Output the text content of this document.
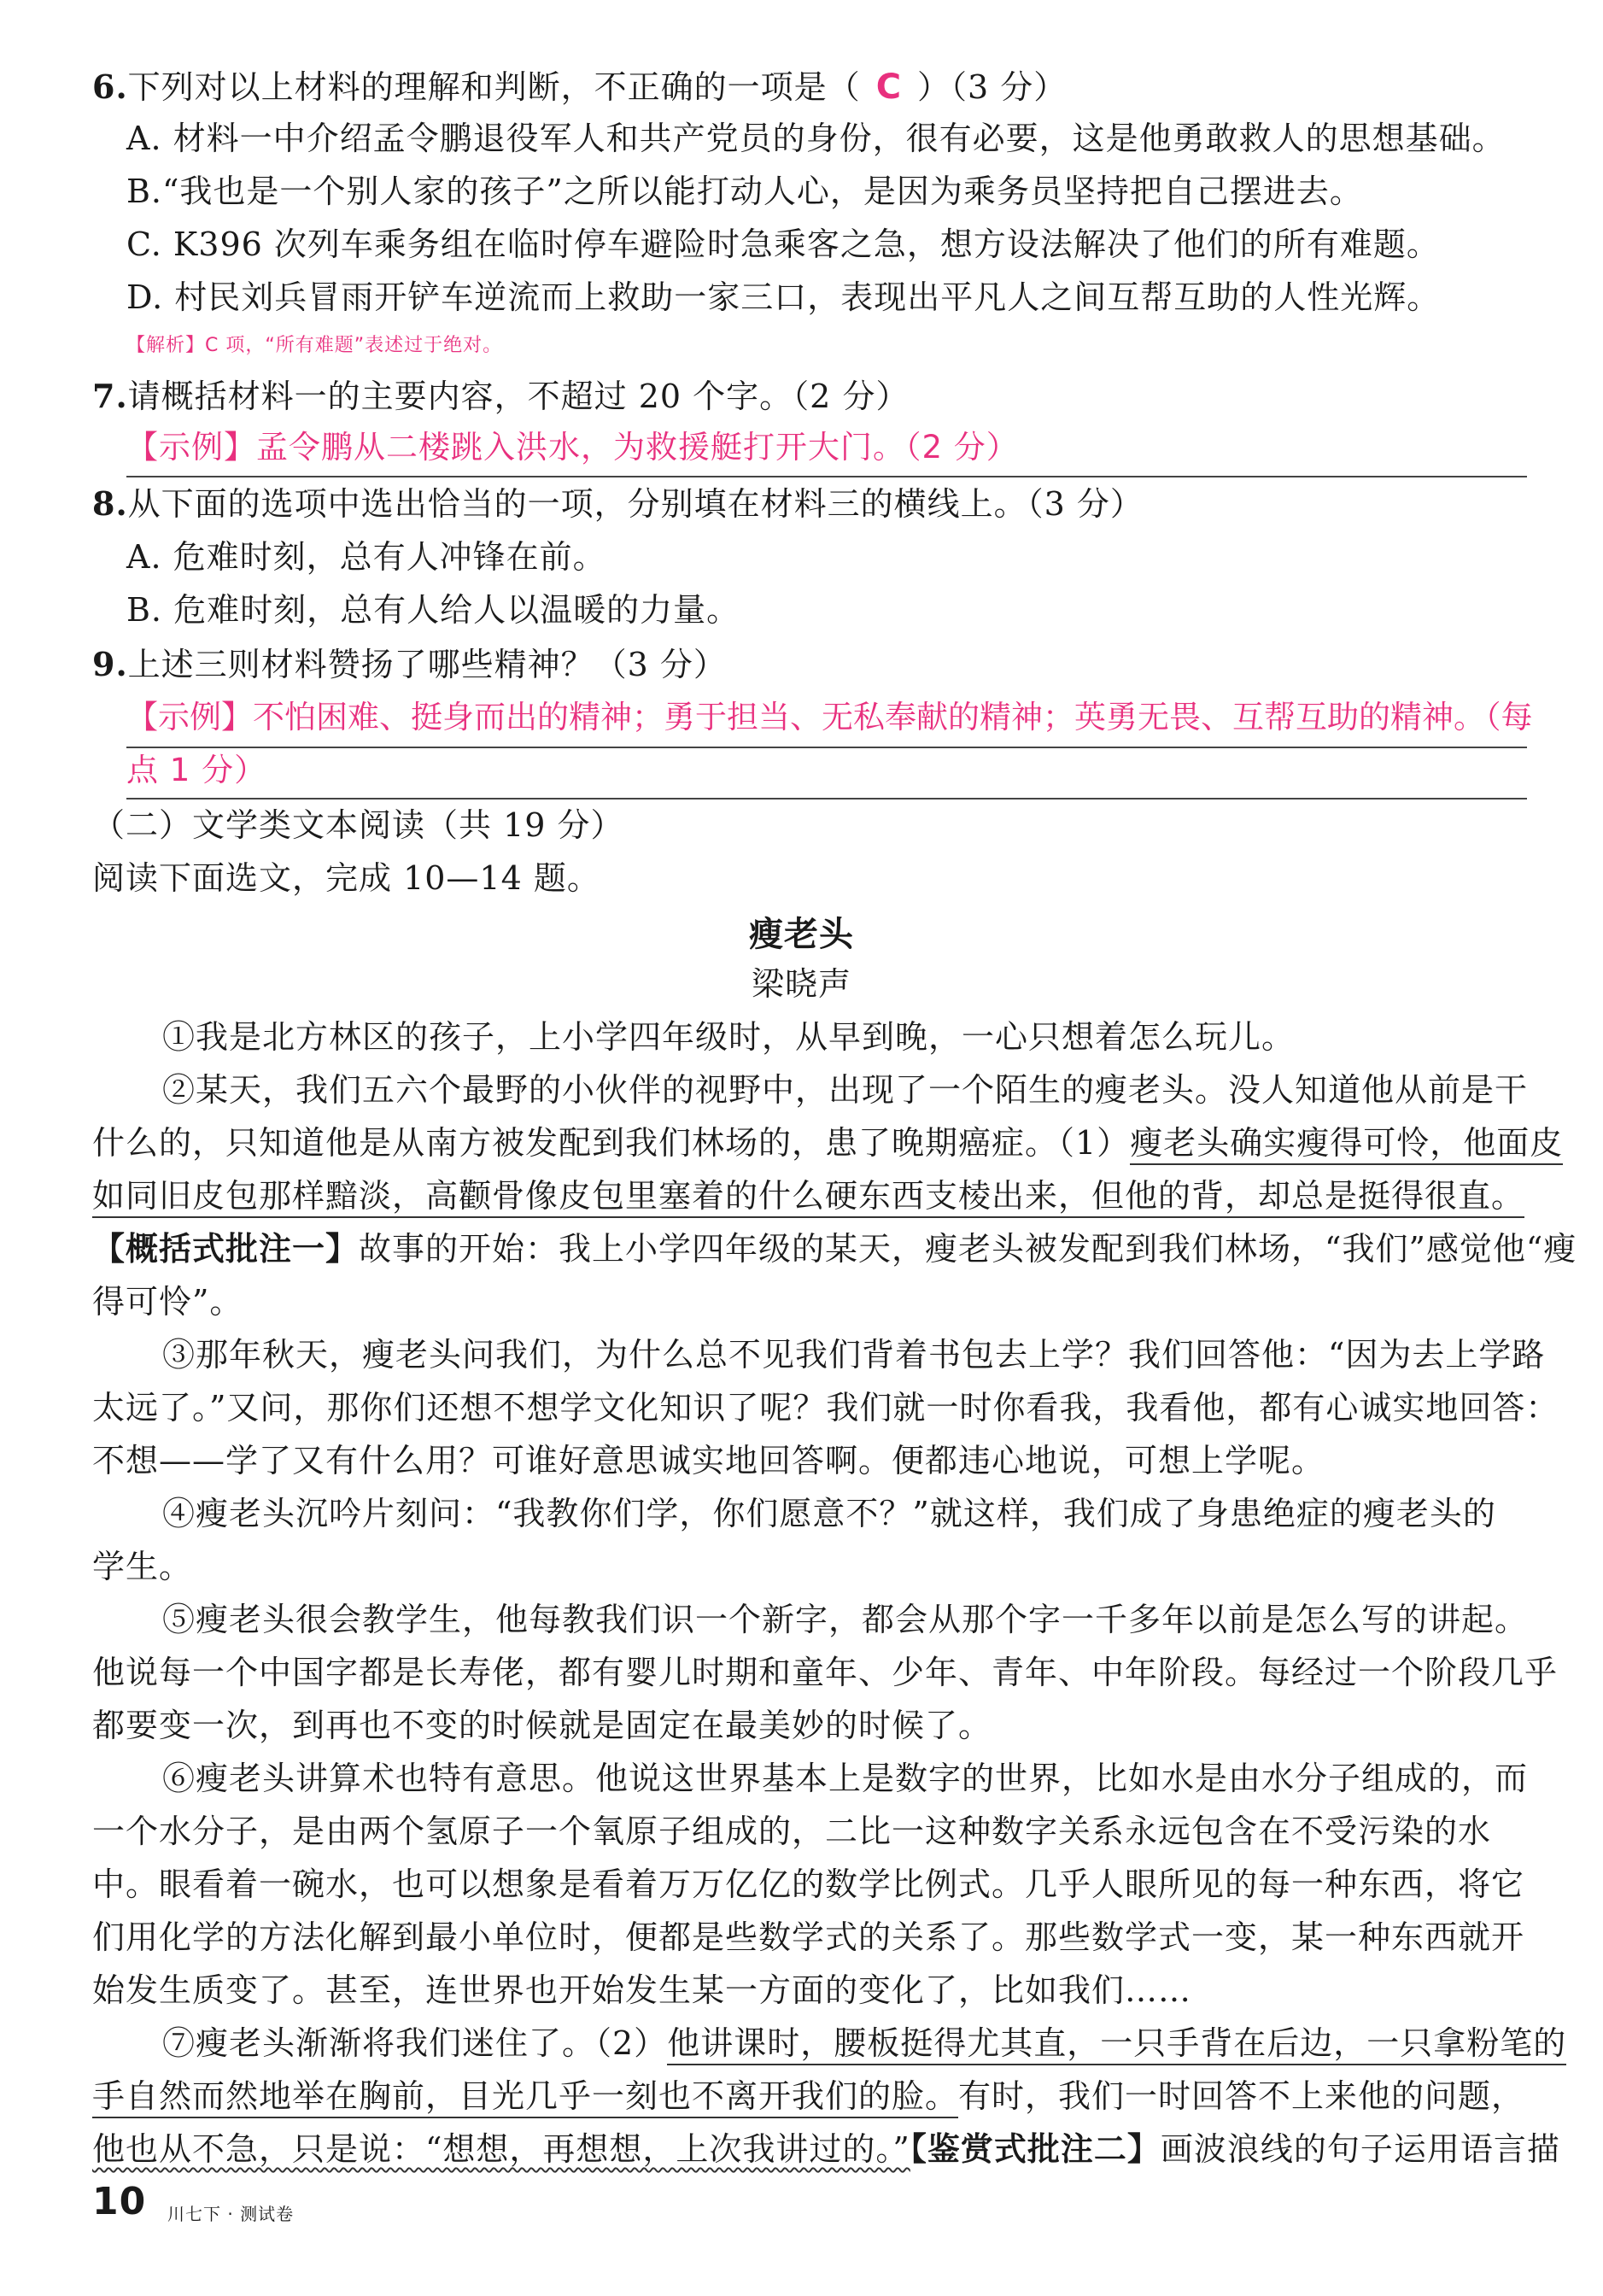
6.下列对以上材料的理解和判断，不正确的一项是（ C ）（3 分）
A. 材料一中介绍孟令鹏退役军人和共产党员的身份，很有必要，这是他勇敢救人的思想基础。
B.“我也是一个别人家的孩子”之所以能打动人心，是因为乘务员坚持把自己摆进去。
C. K396 次列车乘务组在临时停车避险时急乘客之急，想方设法解决了他们的所有难题。
D. 村民刘兵冒雨开铲车逆流而上救助一家三口，表现出平凡人之间互帮互助的人性光辉。
【解析】C 项，“所有难题”表述过于绝对。
7.请概括材料一的主要内容，不超过 20 个字。（2 分）
【示例】孟令鹏从二楼跳入洪水，为救援艇打开大门。（2 分）
8.从下面的选项中选出恰当的一项，分别填在材料三的横线上。（3 分）
A. 危难时刻，总有人冲锋在前。
B. 危难时刻，总有人给人以温暖的力量。
9.上述三则材料赞扬了哪些精神？（3 分）
【示例】不怕困难、挺身而出的精神；勇于担当、无私奉献的精神；英勇无畏、互帮互助的精神。（每
点 1 分）
（二）文学类文本阅读（共 19 分）
阅读下面选文，完成 10—14 题。
瘦老头
梁晓声
①我是北方林区的孩子，上小学四年级时，从早到晚，一心只想着怎么玩儿。
②某天，我们五六个最野的小伙伴的视野中，出现了一个陌生的瘦老头。没人知道他从前是干
什么的，只知道他是从南方被发配到我们林场的，患了晚期癌症。（1）瘦老头确实瘦得可怜，他面皮
如同旧皮包那样黯淡，高颧骨像皮包里塞着的什么硬东西支棱出来，但他的背，却总是挺得很直。
【概括式批注一】故事的开始：我上小学四年级的某天，瘦老头被发配到我们林场，“我们”感觉他“瘦
得可怜”。
③那年秋天，瘦老头问我们，为什么总不见我们背着书包去上学？我们回答他：“因为去上学路
太远了。”又问，那你们还想不想学文化知识了呢？我们就一时你看我，我看他，都有心诚实地回答：
不想——学了又有什么用？可谁好意思诚实地回答啊。便都违心地说，可想上学呢。
④瘦老头沉吟片刻问：“我教你们学，你们愿意不？”就这样，我们成了身患绝症的瘦老头的
学生。
⑤瘦老头很会教学生，他每教我们识一个新字，都会从那个字一千多年以前是怎么写的讲起。
他说每一个中国字都是长寿佬，都有婴儿时期和童年、少年、青年、中年阶段。每经过一个阶段几乎
都要变一次，到再也不变的时候就是固定在最美妙的时候了。
⑥瘦老头讲算术也特有意思。他说这世界基本上是数字的世界，比如水是由水分子组成的，而
一个水分子，是由两个氢原子一个氧原子组成的，二比一这种数字关系永远包含在不受污染的水
中。眼看着一碗水，也可以想象是看着万万亿亿的数学比例式。几乎人眼所见的每一种东西，将它
们用化学的方法化解到最小单位时，便都是些数学式的关系了。那些数学式一变，某一种东西就开
始发生质变了。甚至，连世界也开始发生某一方面的变化了，比如我们……
⑦瘦老头渐渐将我们迷住了。（2）他讲课时，腰板挺得尤其直，一只手背在后边，一只拿粉笔的
手自然而然地举在胸前，目光几乎一刻也不离开我们的脸。有时，我们一时回答不上来他的问题，
他也从不急，只是说：“想想，再想想，上次我讲过的。”【鉴赏式批注二】画波浪线的句子运用语言描
10 川七下 · 测试卷
